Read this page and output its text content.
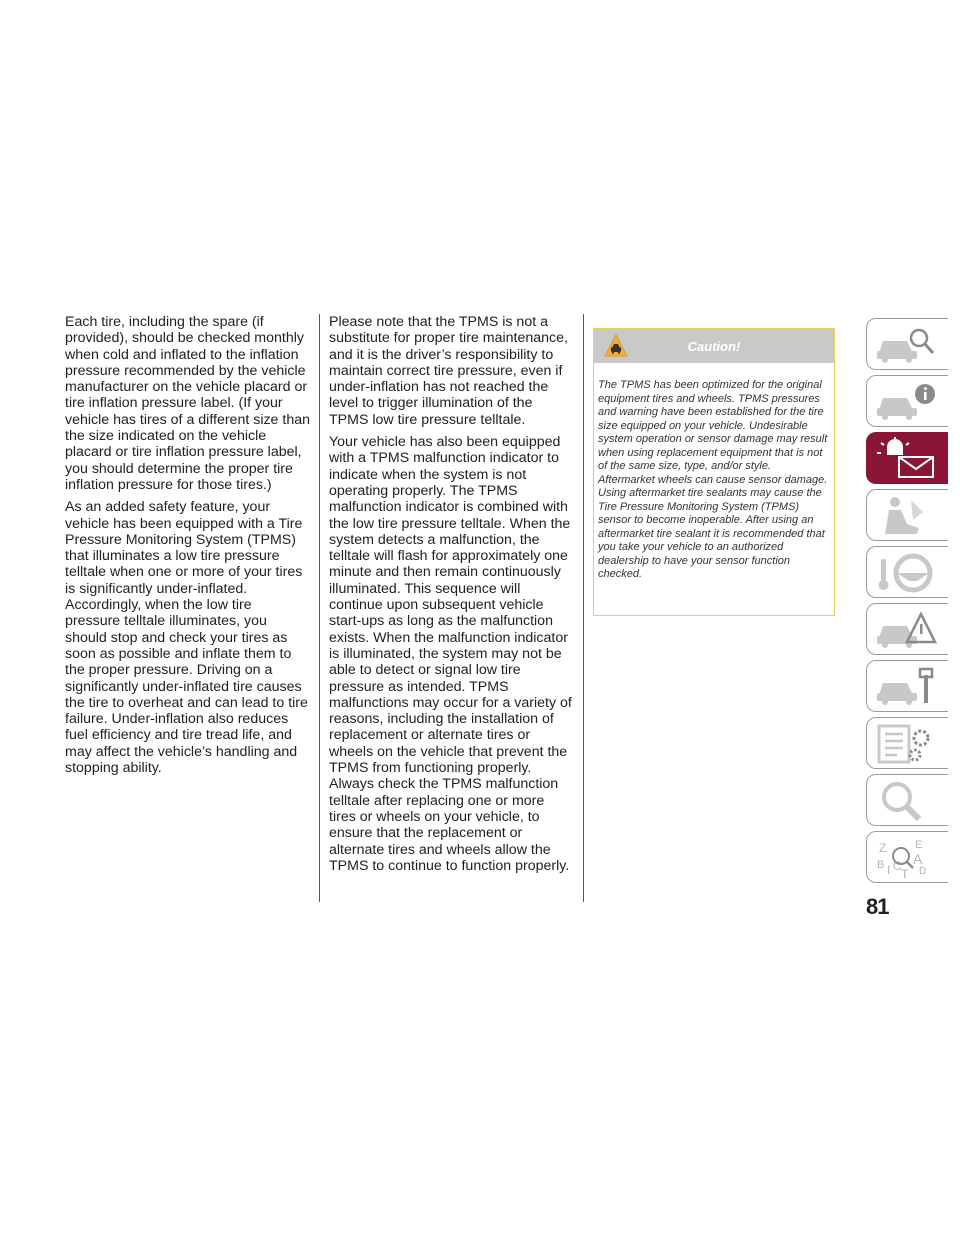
Each tire, including the spare (if provided), should be checked monthly when cold and inflated to the inflation pressure recommended by the vehicle manufacturer on the vehicle placard or tire inflation pressure label. (If your vehicle has tires of a different size than the size indicated on the vehicle placard or tire inflation pressure label, you should determine the proper tire inflation pressure for those tires.)

As an added safety feature, your vehicle has been equipped with a Tire Pressure Monitoring System (TPMS) that illuminates a low tire pressure telltale when one or more of your tires is significantly under-inflated. Accordingly, when the low tire pressure telltale illuminates, you should stop and check your tires as soon as possible and inflate them to the proper pressure. Driving on a significantly under-inflated tire causes the tire to overheat and can lead to tire failure. Under-inflation also reduces fuel efficiency and tire tread life, and may affect the vehicle’s handling and stopping ability.

Please note that the TPMS is not a substitute for proper tire maintenance, and it is the driver’s responsibility to maintain correct tire pressure, even if under-inflation has not reached the level to trigger illumination of the TPMS low tire pressure telltale.

Your vehicle has also been equipped with a TPMS malfunction indicator to indicate when the system is not operating properly. The TPMS malfunction indicator is combined with the low tire pressure telltale. When the system detects a malfunction, the telltale will flash for approximately one minute and then remain continuously illuminated. This sequence will continue upon subsequent vehicle start-ups as long as the malfunction exists. When the malfunction indicator is illuminated, the system may not be able to detect or signal low tire pressure as intended. TPMS malfunctions may occur for a variety of reasons, including the installation of replacement or alternate tires or wheels on the vehicle that prevent the TPMS from functioning properly. Always check the TPMS malfunction telltale after replacing one or more tires or wheels on your vehicle, to ensure that the replacement or alternate tires and wheels allow the TPMS to continue to function properly.

Caution!
The TPMS has been optimized for the original equipment tires and wheels. TPMS pressures and warning have been established for the tire size equipped on your vehicle. Undesirable system operation or sensor damage may result when using replacement equipment that is not of the same size, type, and/or style. Aftermarket wheels can cause sensor damage. Using aftermarket tire sealants may cause the Tire Pressure Monitoring System (TPMS) sensor to become inoperable. After using an aftermarket tire sealant it is recommended that you take your vehicle to an authorized dealership to have your sensor function checked.
Z	E
B A
I C
T D
81
